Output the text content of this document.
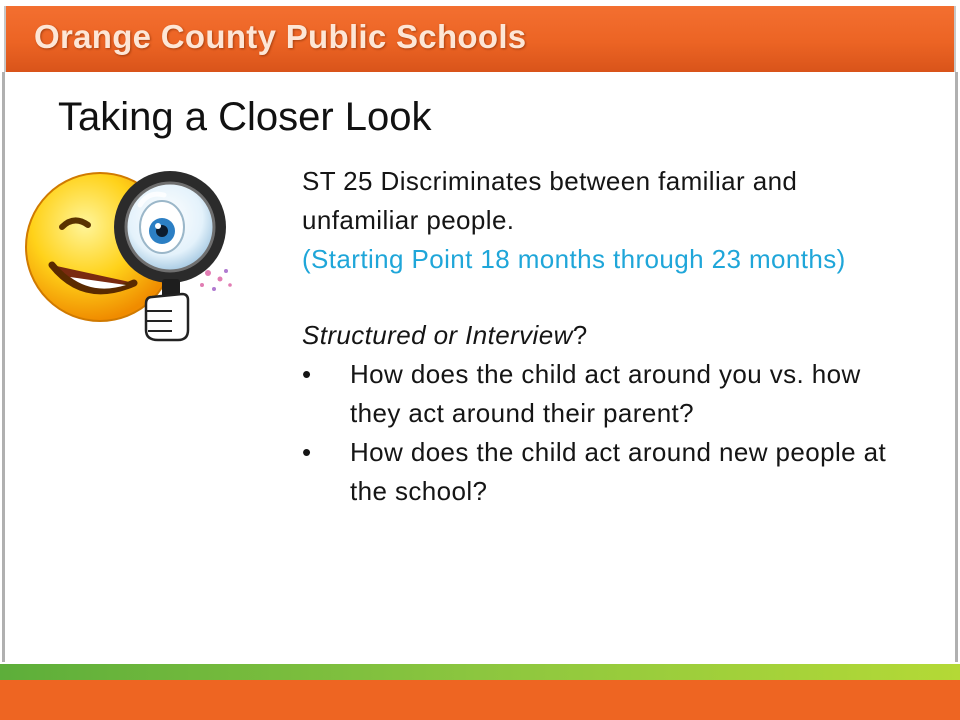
Orange County Public Schools
Taking a Closer Look

ST 25 Discriminates between familiar and unfamiliar people.

(Starting Point 18 months through 23 months)

Structured or Interview?

• How does the child act around you vs. how they act around their parent?
• How does the child act around new people at the school?
